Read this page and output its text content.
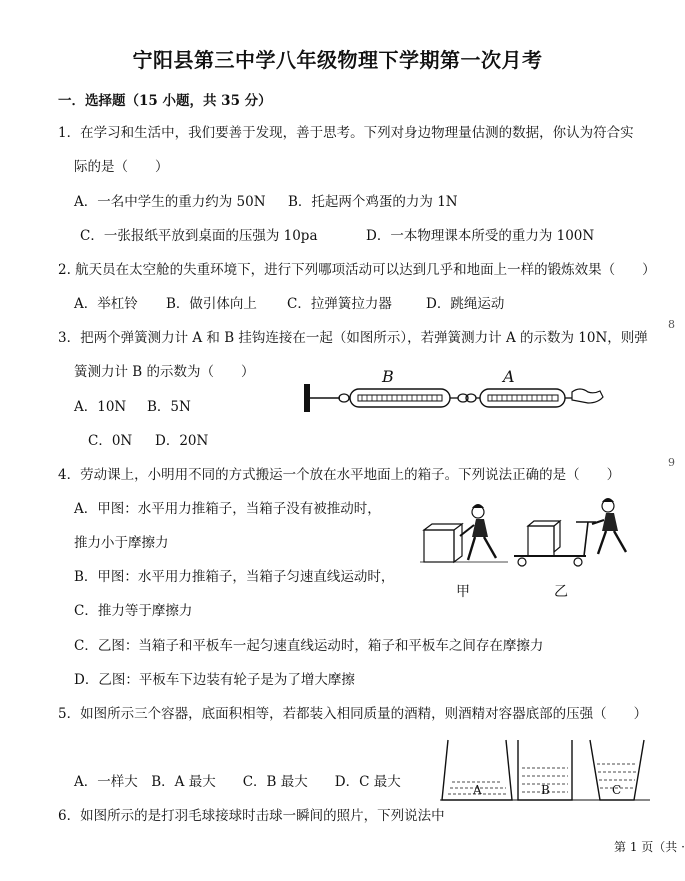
宁阳县第三中学八年级物理下学期第一次月考
一．选择题（15 小题，共 35 分）
1．在学习和生活中，我们要善于发现，善于思考。下列对身边物理量估测的数据，你认为符合实
际的是（　　）
A．一名中学生的重力约为 50N B．托起两个鸡蛋的力为 1N
C．一张报纸平放到桌面的压强为 10pa	D．一本物理课本所受的重力为 100N
2. 航天员在太空舱的失重环境下，进行下列哪项活动可以达到几乎和地面上一样的锻炼效果（　　）
A．举杠铃 B．做引体向上 C．拉弹簧拉力器	D．跳绳运动
3．把两个弹簧测力计 A 和 B 挂钩连接在一起（如图所示），若弹簧测力计 A 的示数为 10N，则弹
簧测力计 B 的示数为（　　）
A．10N B．5N
C．0N D．20N
B	A
4．劳动课上，小明用不同的方式搬运一个放在水平地面上的箱子。下列说法正确的是（　　）
A．甲图：水平用力推箱子，当箱子没有被推动时，
推力小于摩擦力
B．甲图：水平用力推箱子，当箱子匀速直线运动时，
C．推力等于摩擦力
C．乙图：当箱子和平板车一起匀速直线运动时，箱子和平板车之间存在摩擦力
D．乙图：平板车下边装有轮子是为了增大摩擦
甲	乙
5．如图所示三个容器，底面积相等，若都装入相同质量的酒精，则酒精对容器底部的压强（　　）
A．一样大　B．A 最大　　C．B 最大　　D．C 最大	A	B	C
6．如图所示的是打羽毛球接球时击球一瞬间的照片，下列说法中
第 1 页（共 ·
8
9
